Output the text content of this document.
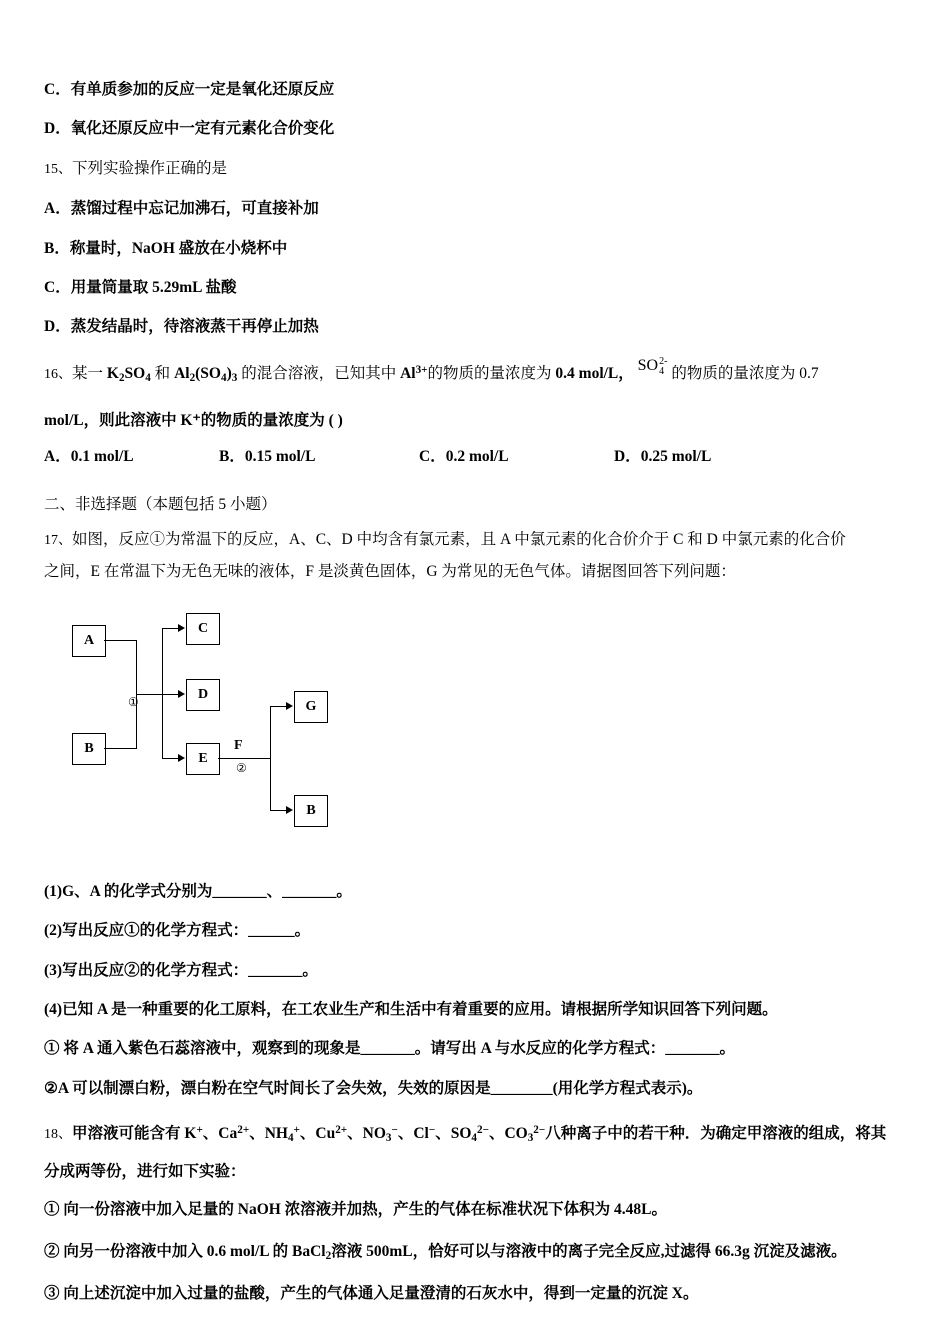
C．有单质参加的反应一定是氧化还原反应
D．氧化还原反应中一定有元素化合价变化
15、下列实验操作正确的是
A．蒸馏过程中忘记加沸石，可直接补加
B．称量时，NaOH 盛放在小烧杯中
C．用量筒量取 5.29mL 盐酸
D．蒸发结晶时，待溶液蒸干再停止加热
16、某一 $K_2SO_4$ 和 $Al_2(SO_4)_3$ 的混合溶液，已知其中 $Al^{3+}$的物质的量浓度为 0.4 mol/L， SO2-
4 的物质的量浓度为 0.7
mol/L，则此溶液中 K⁺的物质的量浓度为 ( )
A．0.1 mol/L	B．0.15 mol/L	C．0.2 mol/L	D．0.25 mol/L
二、非选择题（本题包括 5 小题）
17、如图，反应①为常温下的反应，A、C、D 中均含有氯元素，且 A 中氯元素的化合价介于 C 和 D 中氯元素的化合价
之间，E 在常温下为无色无味的液体，F 是淡黄色固体，G 为常见的无色气体。请据图回答下列问题：
A
B
C
D
E
G
B
①
F
②
(1)G、A 的化学式分别为_______、_______。
(2)写出反应①的化学方程式：______。
(3)写出反应②的化学方程式：_______。
(4)已知 A 是一种重要的化工原料，在工农业生产和生活中有着重要的应用。请根据所学知识回答下列问题。
① 将 A 通入紫色石蕊溶液中，观察到的现象是_______。请写出 A 与水反应的化学方程式：_______。
②A 可以制漂白粉，漂白粉在空气时间长了会失效，失效的原因是________(用化学方程式表示)。
18、甲溶液可能含有 K+、$Ca^{2+}$、$NH_4^+$、$Cu^{2+}$、$NO_3^-$、Cl−、$SO_4^{2-}$、$CO_3^{2-}$八种离子中的若干种．为确定甲溶液的组成，将其
分成两等份，进行如下实验：
① 向一份溶液中加入足量的 NaOH 浓溶液并加热，产生的气体在标准状况下体积为 4.48L。
② 向另一份溶液中加入 0.6 mol/L 的 BaCl$_2$溶液 500mL，恰好可以与溶液中的离子完全反应,过滤得 66.3g 沉淀及滤液。
③ 向上述沉淀中加入过量的盐酸，产生的气体通入足量澄清的石灰水中，得到一定量的沉淀 X。
